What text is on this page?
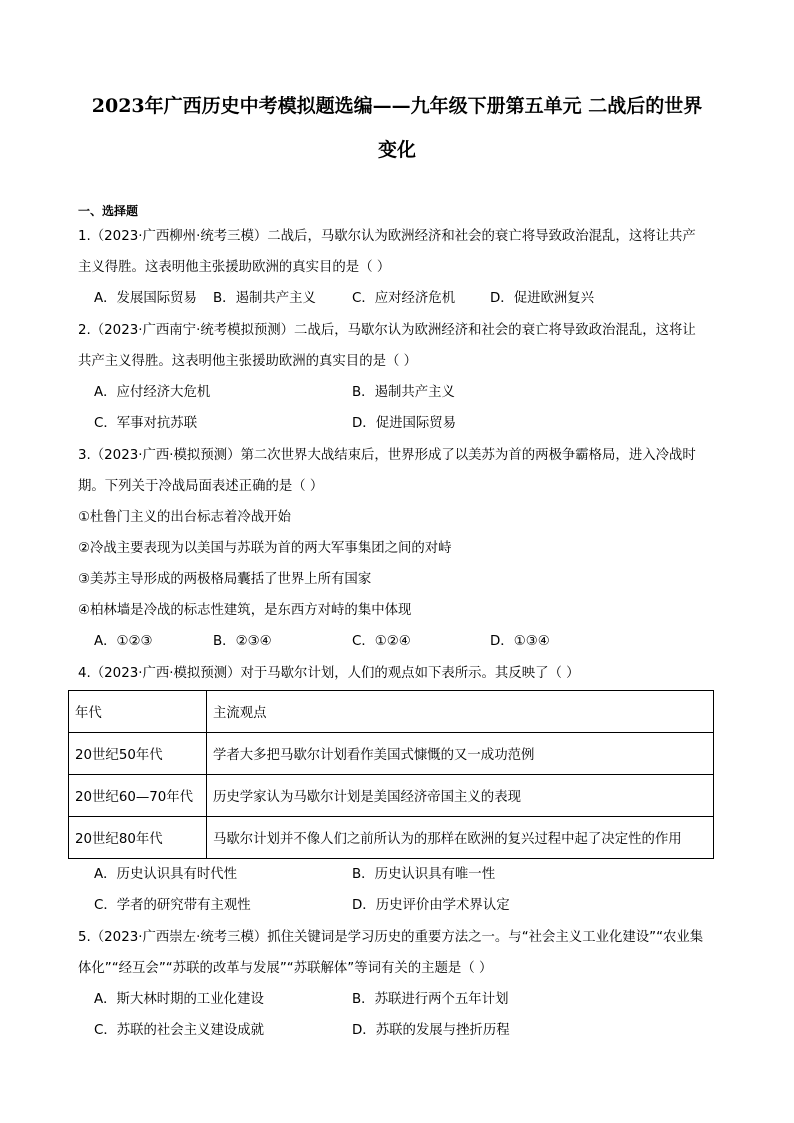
2023年广西历史中考模拟题选编——九年级下册第五单元 二战后的世界
变化
一、选择题
1.（2023·广西柳州·统考三模）二战后，马歇尔认为欧洲经济和社会的衰亡将导致政治混乱，这将让共产
主义得胜。这表明他主张援助欧洲的真实目的是（ ）
A．发展国际贸易 B．遏制共产主义	C．应对经济危机	D．促进欧洲复兴
2.（2023·广西南宁·统考模拟预测）二战后，马歇尔认为欧洲经济和社会的衰亡将导致政治混乱，这将让
共产主义得胜。这表明他主张援助欧洲的真实目的是（ ）
A．应付经济大危机	B．遏制共产主义
C．军事对抗苏联	D．促进国际贸易
3.（2023·广西·模拟预测）第二次世界大战结束后，世界形成了以美苏为首的两极争霸格局，进入冷战时
期。下列关于冷战局面表述正确的是（ ）
①杜鲁门主义的出台标志着冷战开始
②冷战主要表现为以美国与苏联为首的两大军事集团之间的对峙
③美苏主导形成的两极格局囊括了世界上所有国家
④柏林墙是冷战的标志性建筑，是东西方对峙的集中体现
A．①②③	B．②③④	C．①②④	D．①③④
4.（2023·广西·模拟预测）对于马歇尔计划，人们的观点如下表所示。其反映了（ ）
年代	主流观点
20世纪50年代	学者大多把马歇尔计划看作美国式慷慨的又一成功范例
20世纪60—70年代	历史学家认为马歇尔计划是美国经济帝国主义的表现
20世纪80年代	马歇尔计划并不像人们之前所认为的那样在欧洲的复兴过程中起了决定性的作用
A．历史认识具有时代性	B．历史认识具有唯一性
C．学者的研究带有主观性	D．历史评价由学术界认定
5.（2023·广西崇左·统考三模）抓住关键词是学习历史的重要方法之一。与“社会主义工业化建设”“农业集
体化”“经互会”“苏联的改革与发展”“苏联解体”等词有关的主题是（ ）
A．斯大林时期的工业化建设	B．苏联进行两个五年计划
C．苏联的社会主义建设成就	D．苏联的发展与挫折历程
